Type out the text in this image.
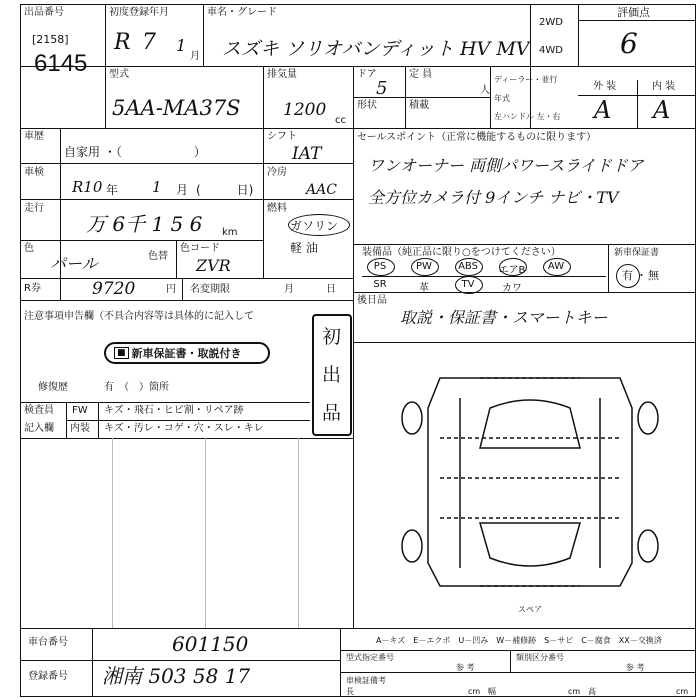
出品番号
[2158]
6145
初度登録年月
R 7 1
月
車名・グレード
スズキ ソリオバンディット HV MV
2WD
4WD
評価点
6
外 装	内 装
A A
型式
5AA-MA37S
排気量
1200
cc
ドア
5
定 員
人
形状	積載
ディーラー・並行
年式
左ハンドル 左・右
車歴
自家用 ・（　　　　　　）
シフト
IAT
車検
R10 年 1 月 (　　　日)
冷房
AAC
走行
万 6千 1 5 6 km
燃料
ガソリン
軽 油
色
パール	色替
色コード
ZVR
R券	9720	円 名変期限	月	日
注意事項申告欄（不具合内容等は具体的に記入して
■ 新車保証書・取説付き
修復歴	有　（　）箇所
初
出
品
検査員
記入欄
FW キズ・飛石・ヒビ割・リペア跡
内装 キズ・汚レ・コゲ・穴・スレ・キレ
セールスポイント（正常に機能するものに限ります）
ワンオーナー 両側パワースライドドア
全方位カメラ付 9インチ ナビ・TV
装備品（純正品に限り○をつけてください）	新車保証書
PS	PW	ABS	エアB	AW
SR	革	TV	カワ
有 ・ 無
後日品
取説・保証書・スマートキー
スペア
A－キズ　E－エクボ　U－凹み　W－補修跡　S－サビ　C－腐食　XX－交換済
型式指定番号
参 考
類別区分番号
参 考
車検証備考
長	cm 幅	cm 高	cm
車台番号	601150
登録番号 湘南 503 58 17
